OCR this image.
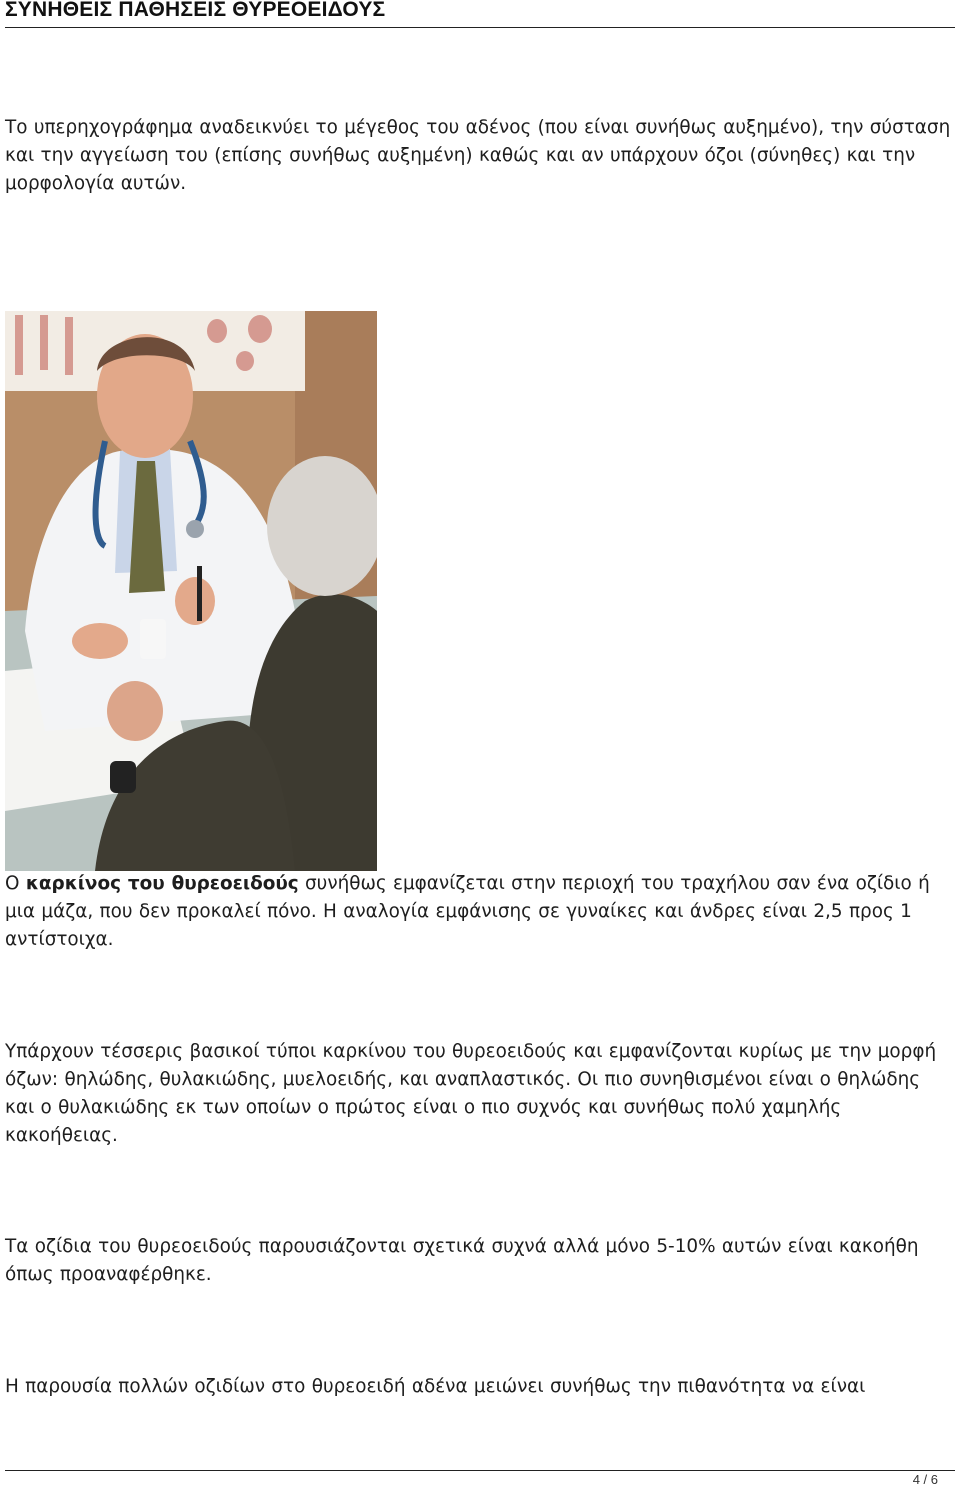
ΣΥΝΗΘΕΙΣ ΠΑΘΗΣΕΙΣ ΘΥΡΕΟΕΙΔΟΥΣ

Το υπερηχογράφημα αναδεικνύει το μέγεθος του αδένος (που είναι συνήθως αυξημένο), την σύσταση και την αγγείωση του (επίσης συνήθως αυξημένη) καθώς και αν υπάρχουν όζοι (σύνηθες) και την μορφολογία αυτών.

Ο καρκίνος του θυρεοειδούς συνήθως εμφανίζεται στην περιοχή του τραχήλου σαν ένα οζίδιο ή μια μάζα, που δεν προκαλεί πόνο. Η αναλογία εμφάνισης σε γυναίκες και άνδρες είναι 2,5 προς 1 αντίστοιχα.

Υπάρχουν τέσσερις βασικοί τύποι καρκίνου του θυρεοειδούς και εμφανίζονται κυρίως με την μορφή όζων: θηλώδης, θυλακιώδης, μυελοειδής, και αναπλαστικός. Οι πιο συνηθισμένοι είναι ο θηλώδης και ο θυλακιώδης εκ των οποίων ο πρώτος είναι ο πιο συχνός και συνήθως πολύ χαμηλής κακοήθειας.

Τα οζίδια του θυρεοειδούς παρουσιάζονται σχετικά συχνά αλλά μόνο 5-10% αυτών είναι κακοήθη όπως προαναφέρθηκε.

Η παρουσία πολλών οζιδίων στο θυρεοειδή αδένα μειώνει συνήθως την πιθανότητα να είναι

4 / 6
